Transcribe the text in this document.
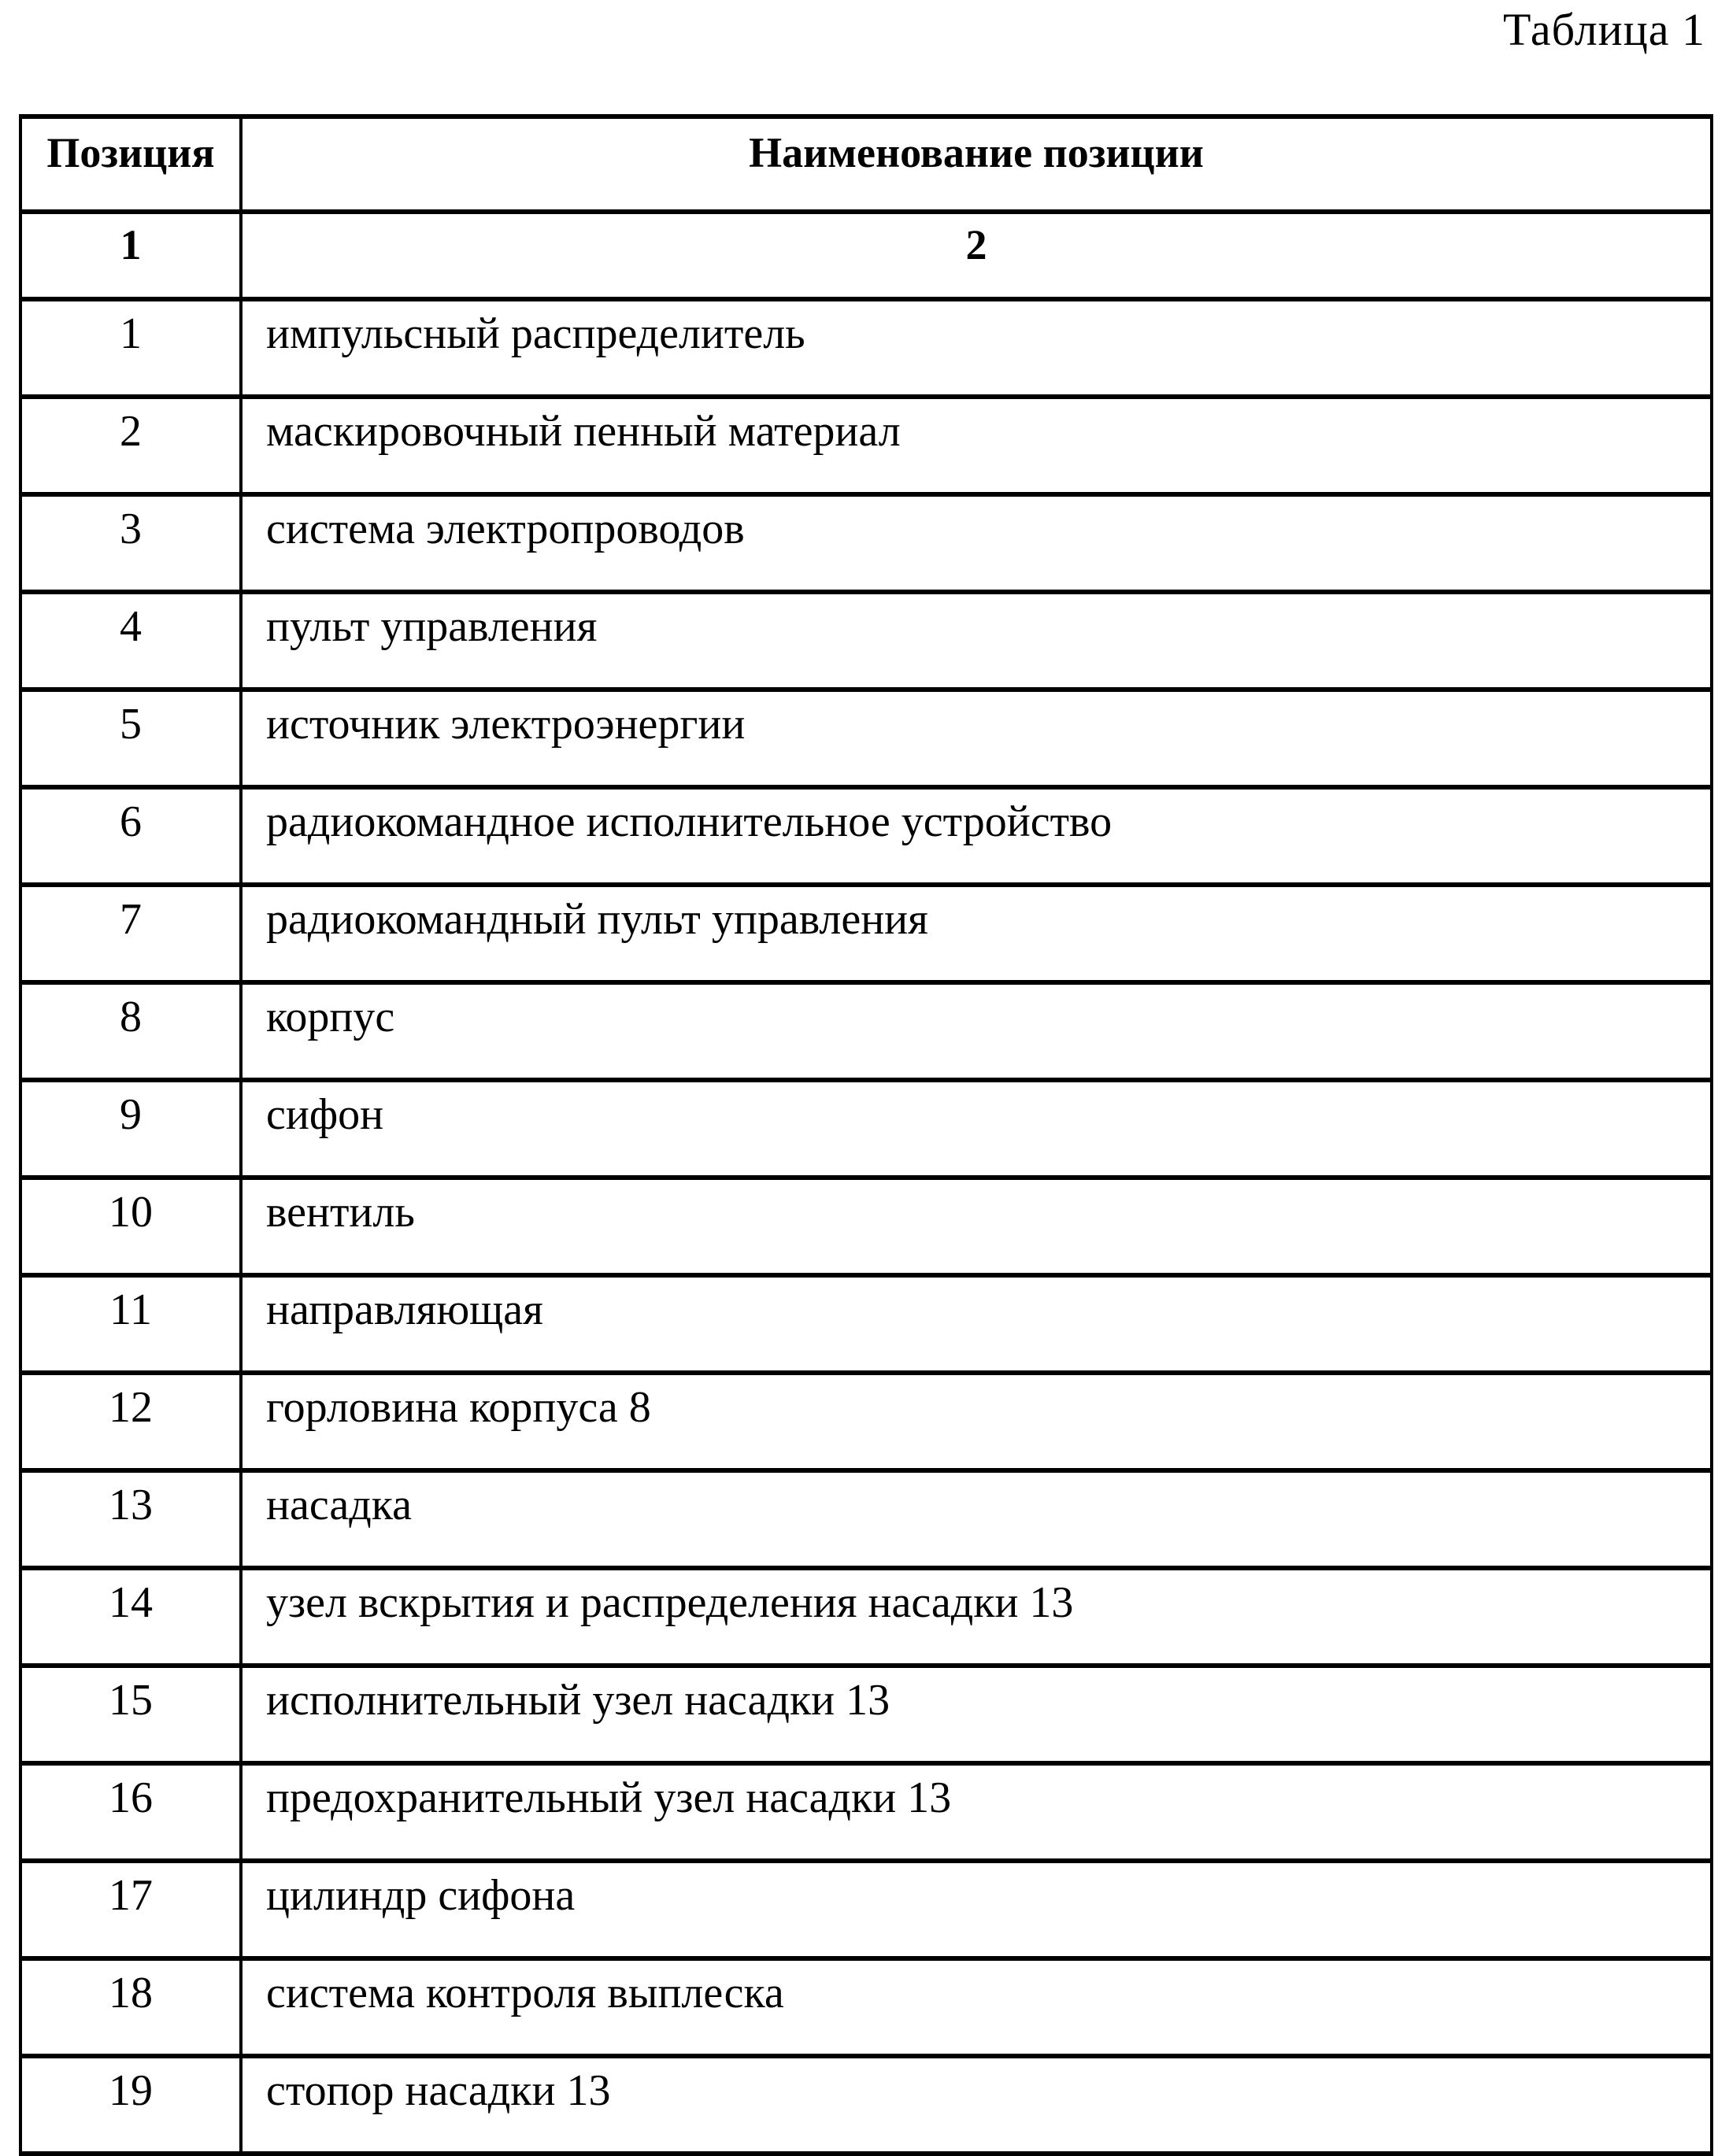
Таблица 1
Позиция	Наименование позиции
1	2
1	импульсный распределитель
2	маскировочный пенный материал
3	система электропроводов
4	пульт управления
5	источник электроэнергии
6	радиокомандное исполнительное устройство
7	радиокомандный пульт управления
8	корпус
9	сифон
10	вентиль
11	направляющая
12	горловина корпуса 8
13	насадка
14	узел вскрытия и распределения насадки 13
15	исполнительный узел насадки 13
16	предохранительный узел насадки 13
17	цилиндр сифона
18	система контроля выплеска
19	стопор насадки 13
